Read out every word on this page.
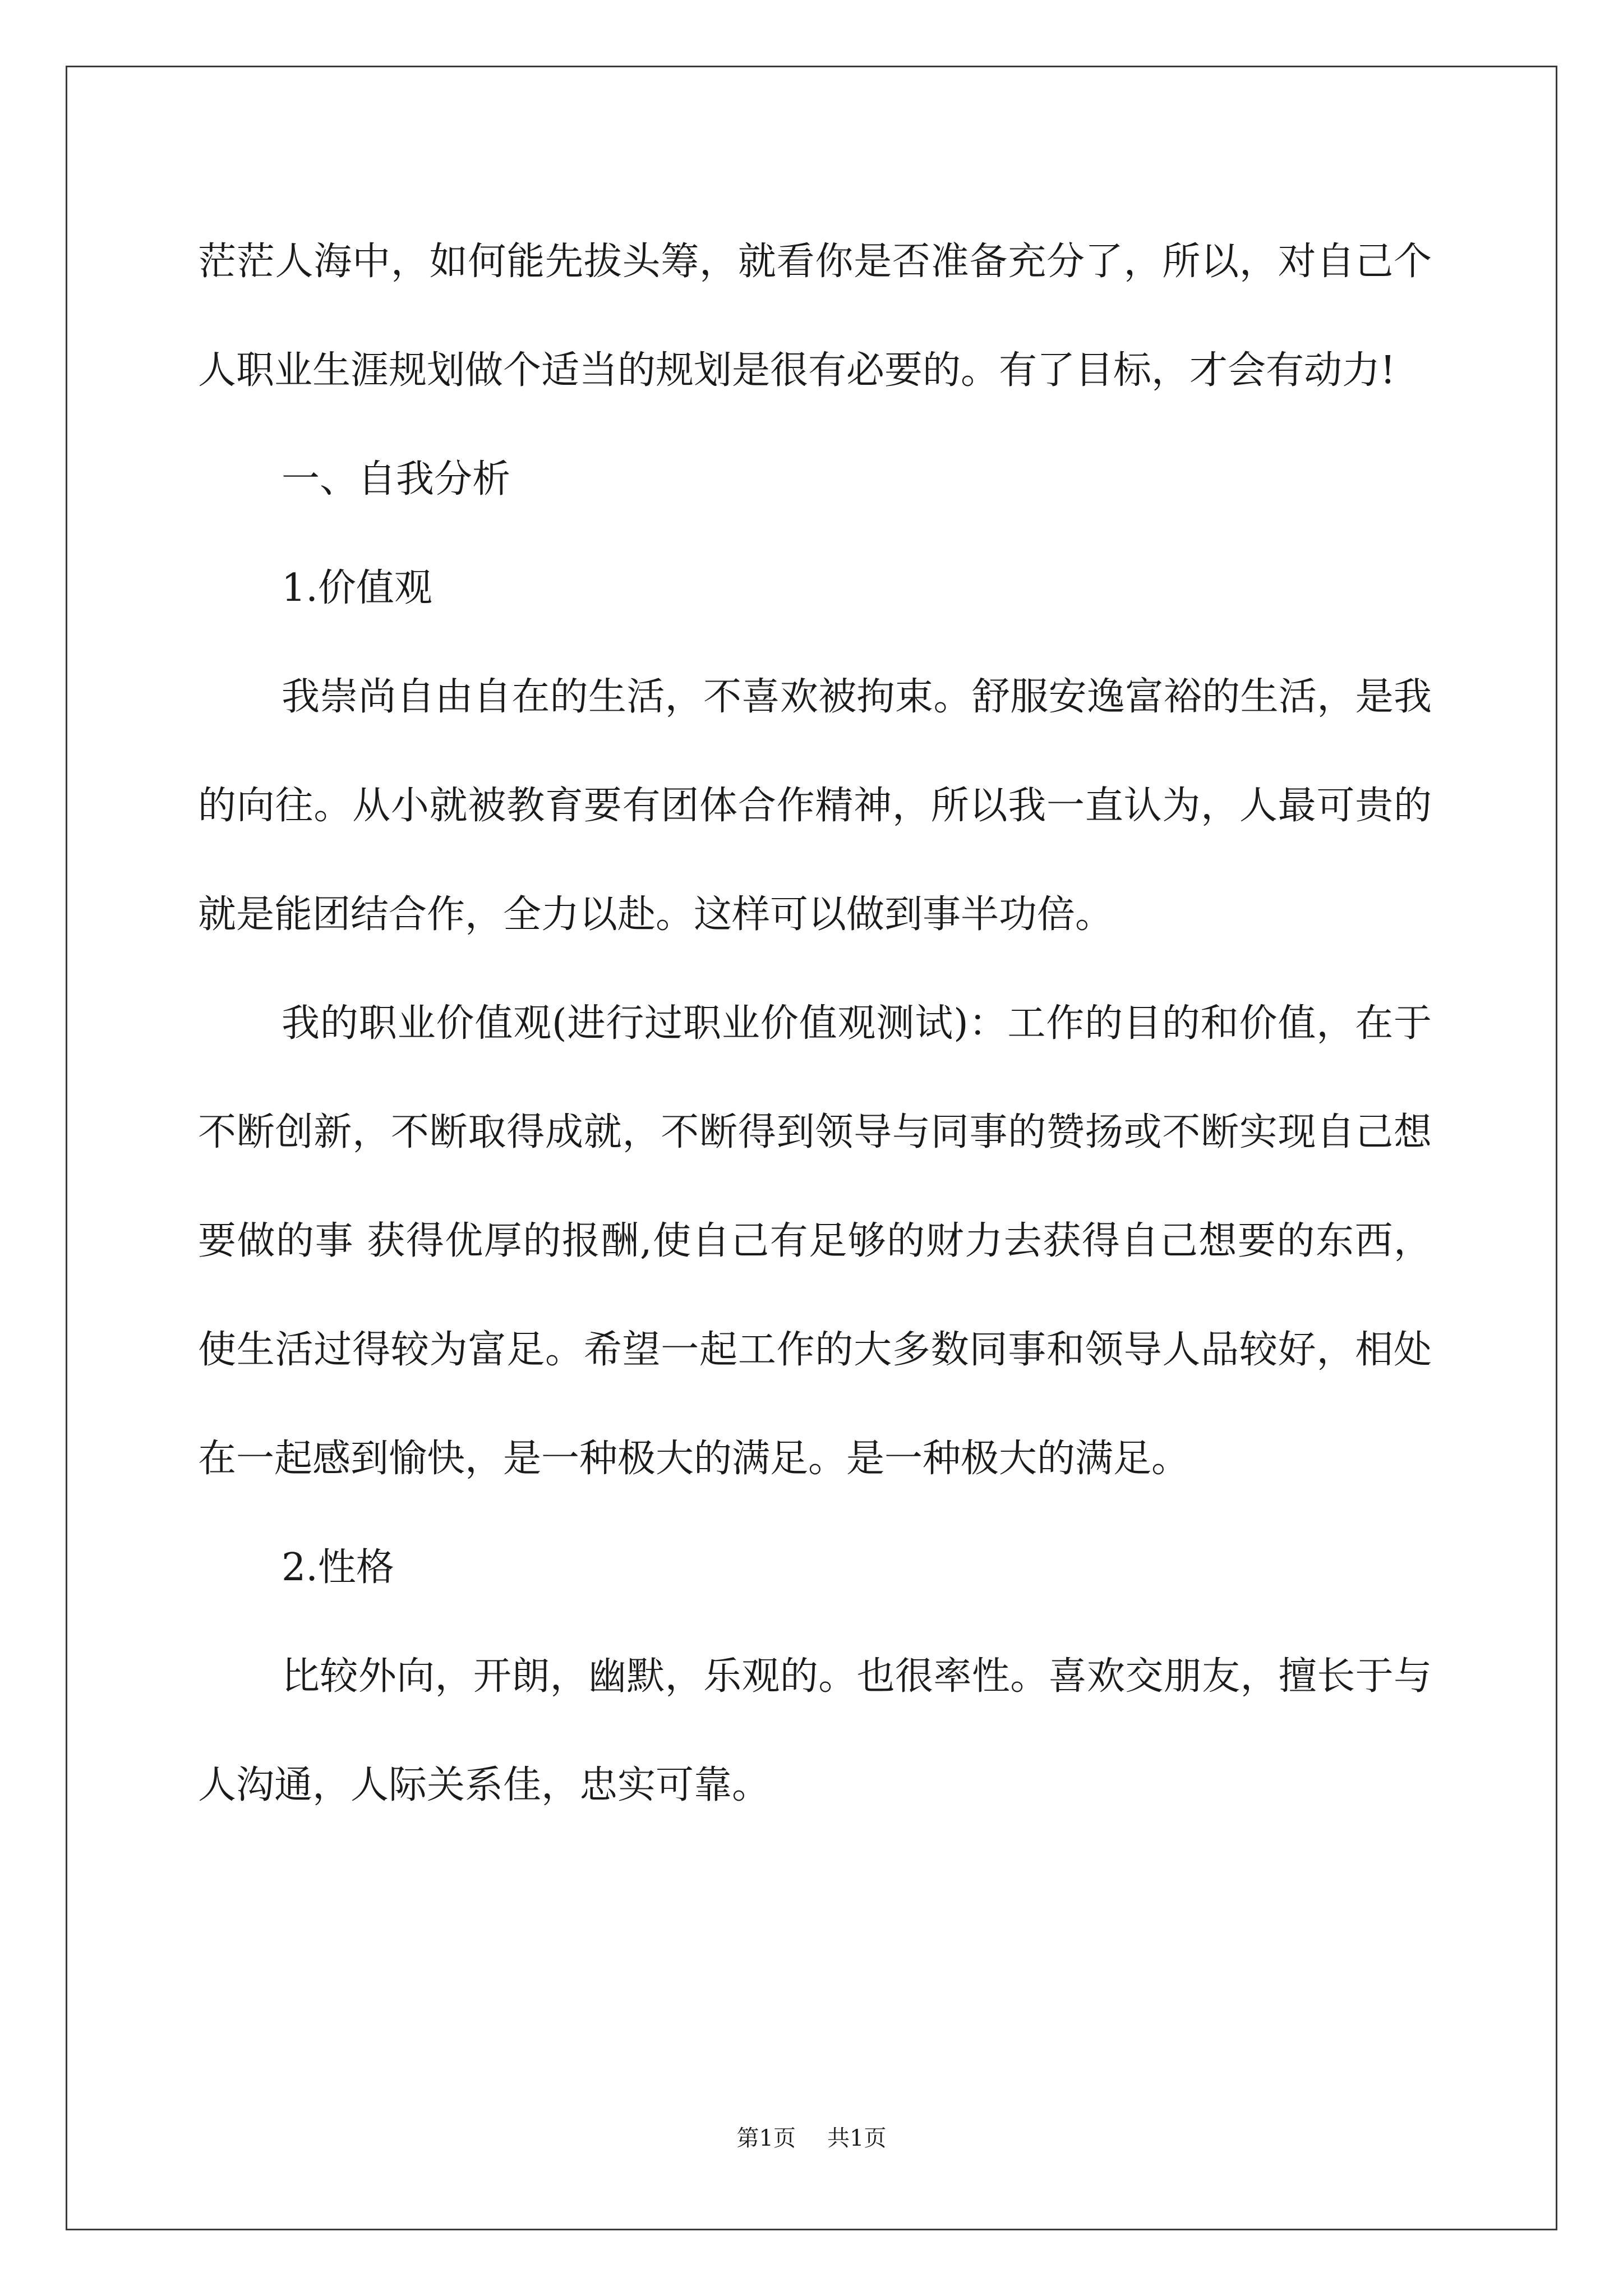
茫茫人海中，如何能先拔头筹，就看你是否准备充分了，所以，对自己个人职业生涯规划做个适当的规划是很有必要的。有了目标，才会有动力!

一、自我分析

1.价值观

我崇尚自由自在的生活，不喜欢被拘束。舒服安逸富裕的生活，是我的向往。从小就被教育要有团体合作精神，所以我一直认为，人最可贵的就是能团结合作，全力以赴。这样可以做到事半功倍。

我的职业价值观(进行过职业价值观测试)：工作的目的和价值，在于不断创新，不断取得成就，不断得到领导与同事的赞扬或不断实现自己想要做的事 获得优厚的报酬,使自己有足够的财力去获得自己想要的东西，使生活过得较为富足。希望一起工作的大多数同事和领导人品较好，相处在一起感到愉快，是一种极大的满足。是一种极大的满足。

2.性格

比较外向，开朗，幽默，乐观的。也很率性。喜欢交朋友，擅长于与人沟通，人际关系佳，忠实可靠。

第1页 共1页
